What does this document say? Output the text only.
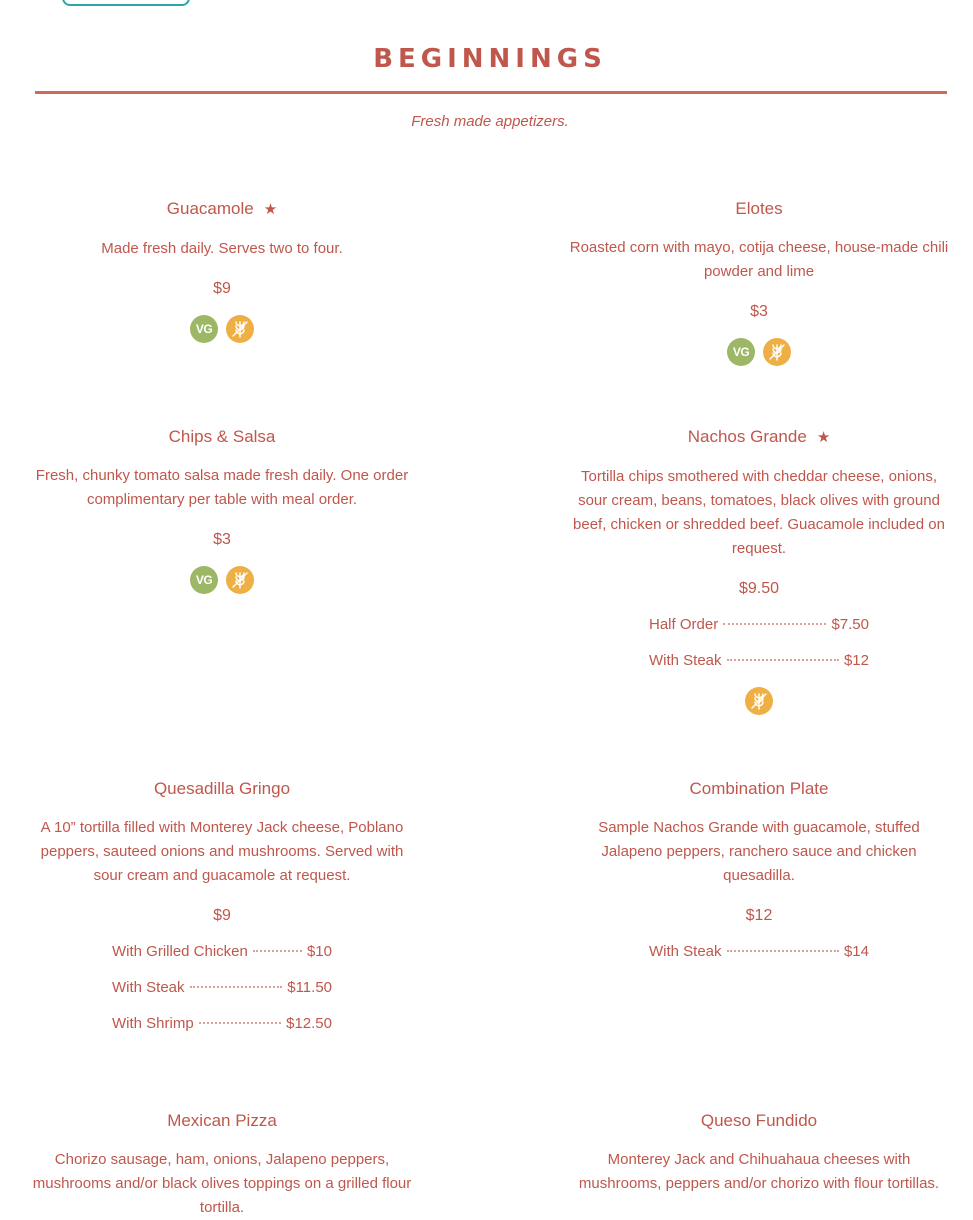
BEGINNINGS
Fresh made appetizers.
Guacamole ★
Made fresh daily. Serves two to four.
$9
VG
Elotes
Roasted corn with mayo, cotija cheese, house-made chili powder and lime
$3
VG
Chips & Salsa
Fresh, chunky tomato salsa made fresh daily. One order complimentary per table with meal order.
$3
VG
Nachos Grande ★
Tortilla chips smothered with cheddar cheese, onions, sour cream, beans, tomatoes, black olives with ground beef, chicken or shredded beef. Guacamole included on request.
$9.50
Half Order	$7.50
With Steak	$12
Quesadilla Gringo
A 10” tortilla filled with Monterey Jack cheese, Poblano peppers, sauteed onions and mushrooms. Served with sour cream and guacamole at request.
$9
With Grilled Chicken	$10
With Steak	$11.50
With Shrimp	$12.50
Combination Plate
Sample Nachos Grande with guacamole, stuffed Jalapeno peppers, ranchero sauce and chicken quesadilla.
$12
With Steak	$14
Mexican Pizza
Chorizo sausage, ham, onions, Jalapeno peppers, mushrooms and/or black olives toppings on a grilled flour tortilla.
Queso Fundido
Monterey Jack and Chihuahaua cheeses with mushrooms, peppers and/or chorizo with flour tortillas.
